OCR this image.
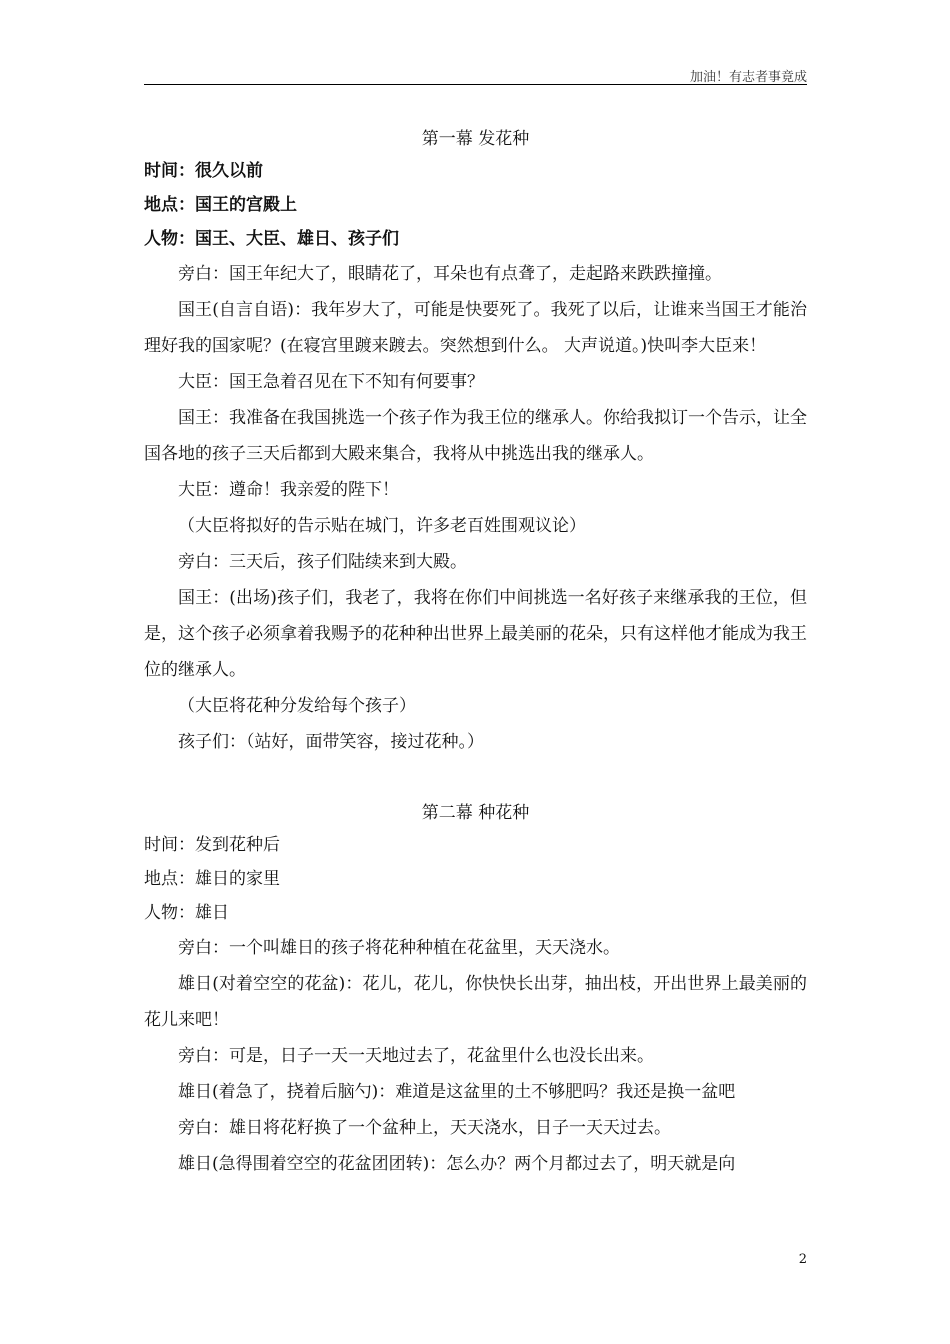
加油！有志者事竟成

第一幕 发花种

时间：很久以前

地点：国王的宫殿上

人物：国王、大臣、雄日、孩子们

旁白：国王年纪大了，眼睛花了，耳朵也有点聋了，走起路来跌跌撞撞。

国王(自言自语)：我年岁大了，可能是快要死了。我死了以后，让谁来当国王才能治理好我的国家呢？(在寝宫里踱来踱去。突然想到什么。 大声说道。)快叫李大臣来！

大臣：国王急着召见在下不知有何要事？

国王：我准备在我国挑选一个孩子作为我王位的继承人。你给我拟订一个告示，让全国各地的孩子三天后都到大殿来集合，我将从中挑选出我的继承人。

大臣：遵命！我亲爱的陛下！

（大臣将拟好的告示贴在城门，许多老百姓围观议论）

旁白：三天后，孩子们陆续来到大殿。

国王：(出场)孩子们，我老了，我将在你们中间挑选一名好孩子来继承我的王位，但是，这个孩子必须拿着我赐予的花种种出世界上最美丽的花朵，只有这样他才能成为我王位的继承人。

（大臣将花种分发给每个孩子）

孩子们：（站好，面带笑容，接过花种。）

第二幕 种花种

时间：发到花种后

地点：雄日的家里

人物：雄日

旁白：一个叫雄日的孩子将花种种植在花盆里，天天浇水。

雄日(对着空空的花盆)：花儿，花儿，你快快长出芽，抽出枝，开出世界上最美丽的花儿来吧！

旁白：可是，日子一天一天地过去了，花盆里什么也没长出来。

雄日(着急了，挠着后脑勺)：难道是这盆里的土不够肥吗？我还是换一盆吧

旁白：雄日将花籽换了一个盆种上，天天浇水，日子一天天过去。

雄日(急得围着空空的花盆团团转)：怎么办？两个月都过去了，明天就是向

2
